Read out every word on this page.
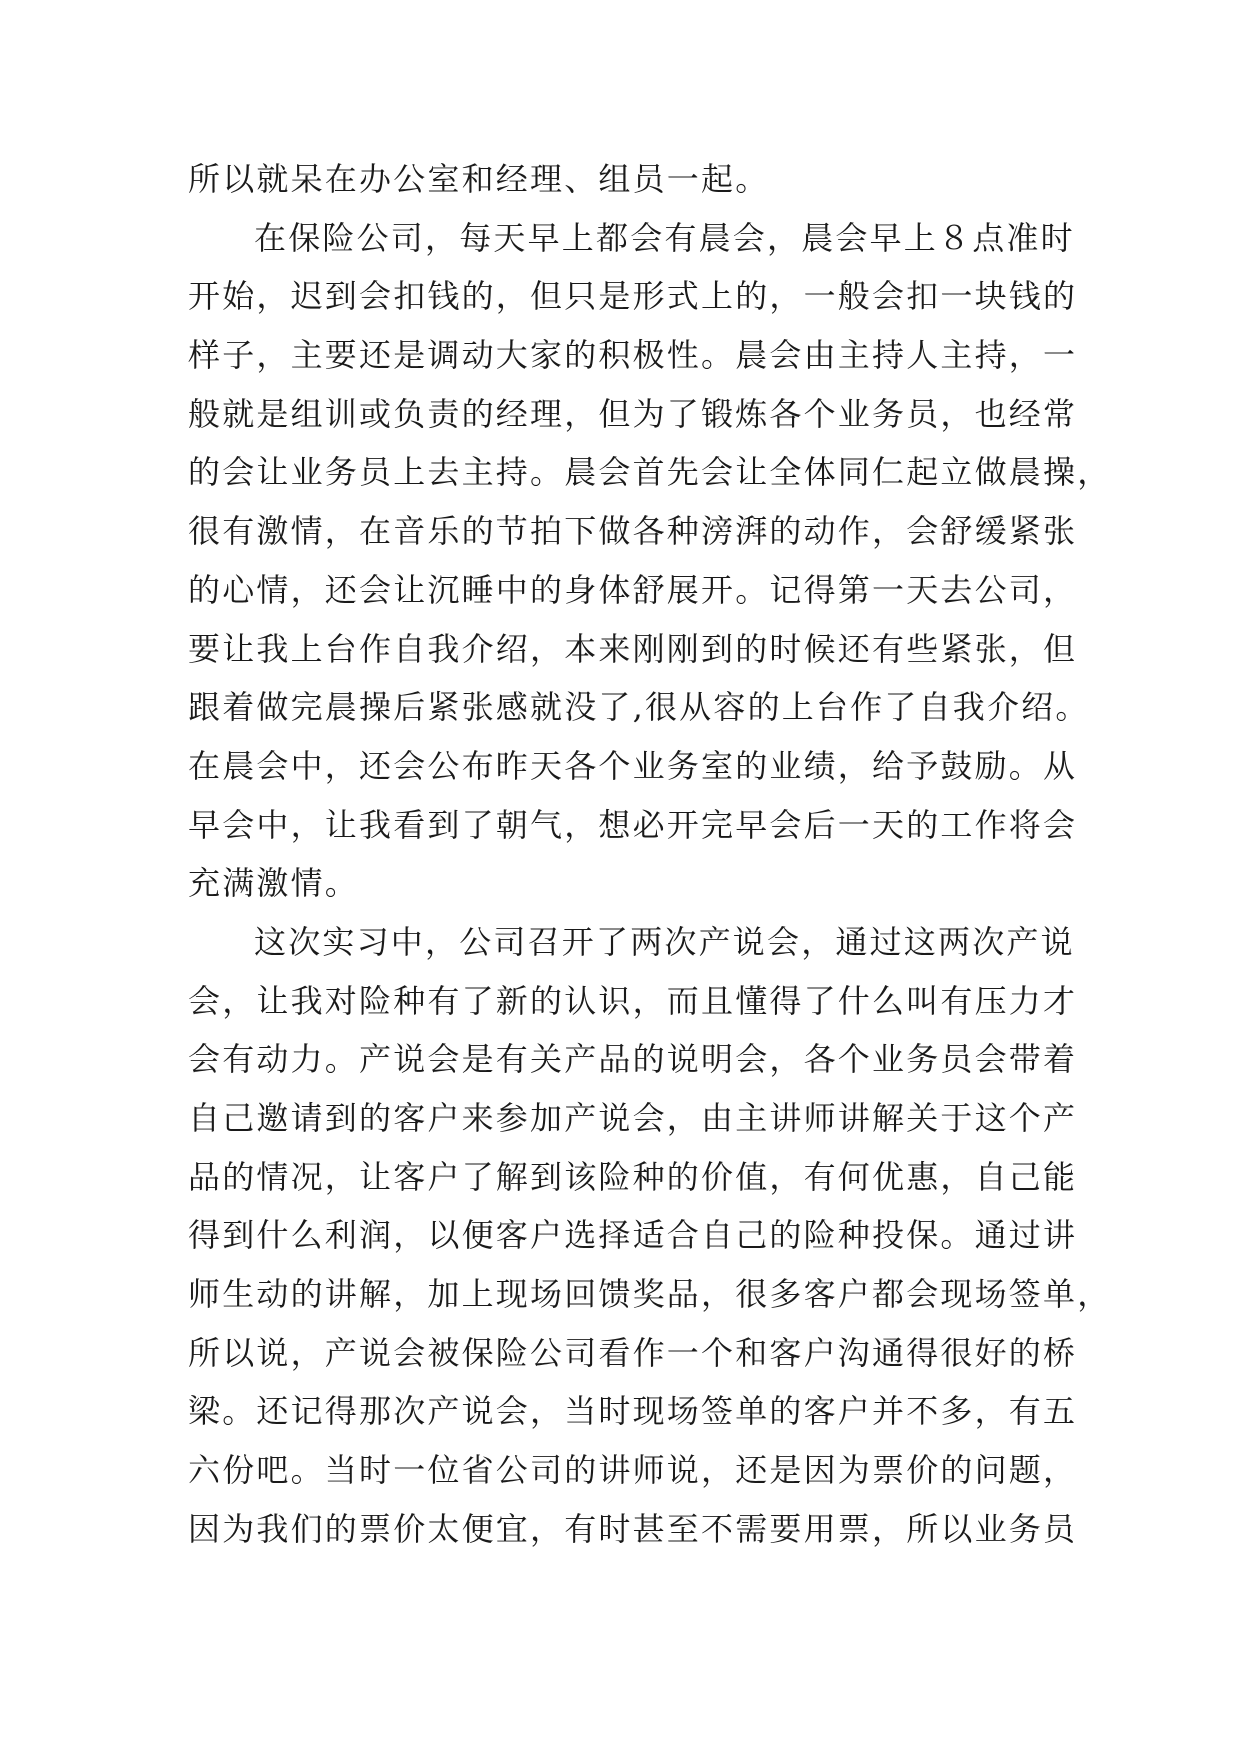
所以就呆在办公室和经理、组员一起。
在保险公司，每天早上都会有晨会，晨会早上８点准时
开始，迟到会扣钱的，但只是形式上的，一般会扣一块钱的
样子，主要还是调动大家的积极性。晨会由主持人主持，一
般就是组训或负责的经理，但为了锻炼各个业务员，也经常
的会让业务员上去主持。晨会首先会让全体同仁起立做晨操，
很有激情，在音乐的节拍下做各种滂湃的动作，会舒缓紧张
的心情，还会让沉睡中的身体舒展开。记得第一天去公司，
要让我上台作自我介绍，本来刚刚到的时候还有些紧张，但
跟着做完晨操后紧张感就没了,很从容的上台作了自我介绍。
在晨会中，还会公布昨天各个业务室的业绩，给予鼓励。从
早会中，让我看到了朝气，想必开完早会后一天的工作将会
充满激情。
这次实习中，公司召开了两次产说会，通过这两次产说
会，让我对险种有了新的认识，而且懂得了什么叫有压力才
会有动力。产说会是有关产品的说明会，各个业务员会带着
自己邀请到的客户来参加产说会，由主讲师讲解关于这个产
品的情况，让客户了解到该险种的价值，有何优惠，自己能
得到什么利润，以便客户选择适合自己的险种投保。通过讲
师生动的讲解，加上现场回馈奖品，很多客户都会现场签单，
所以说，产说会被保险公司看作一个和客户沟通得很好的桥
梁。还记得那次产说会，当时现场签单的客户并不多，有五
六份吧。当时一位省公司的讲师说，还是因为票价的问题，
因为我们的票价太便宜，有时甚至不需要用票，所以业务员
